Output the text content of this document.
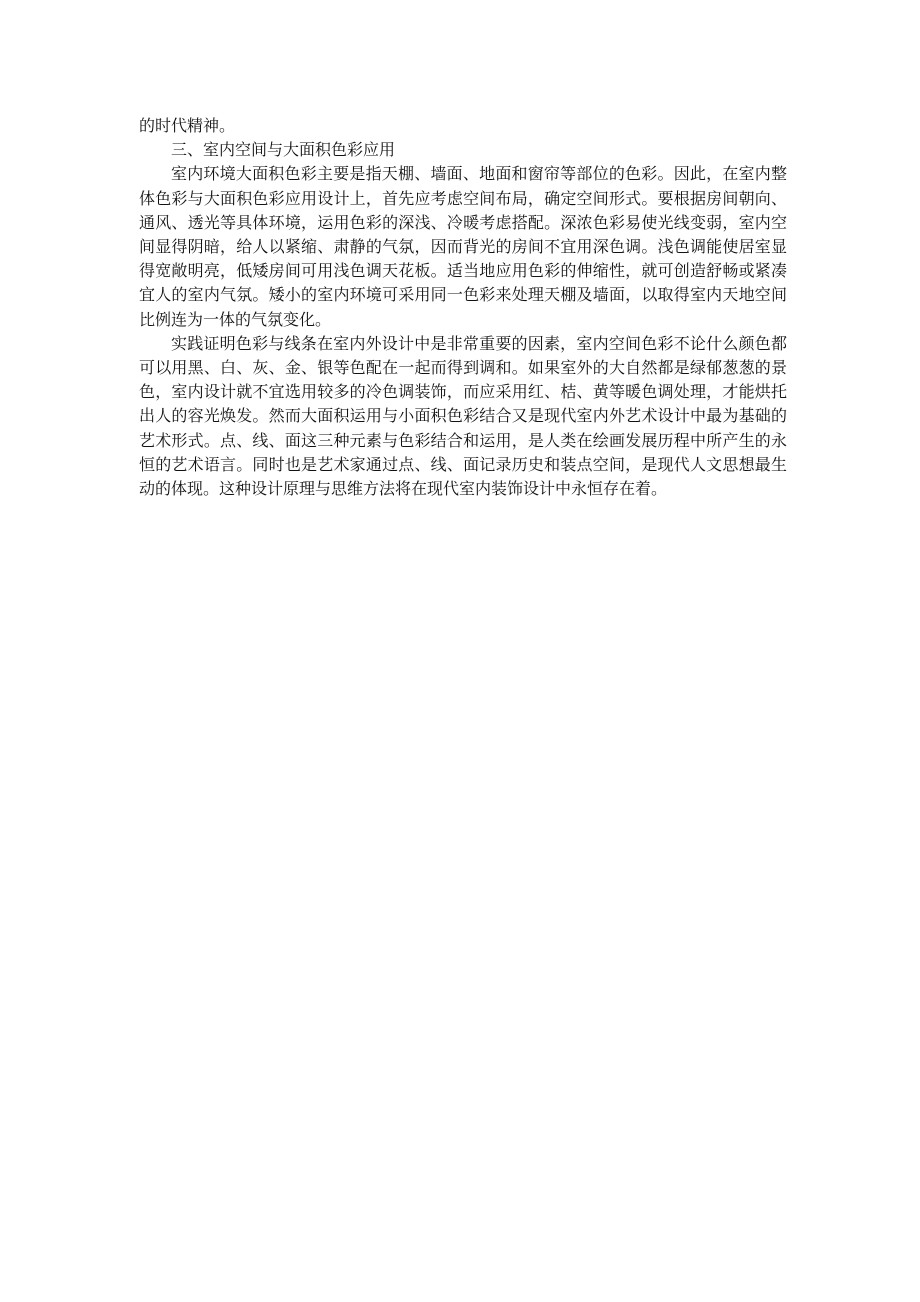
的时代精神。

三、室内空间与大面积色彩应用

室内环境大面积色彩主要是指天棚、墙面、地面和窗帘等部位的色彩。因此，在室内整体色彩与大面积色彩应用设计上，首先应考虑空间布局，确定空间形式。要根据房间朝向、通风、透光等具体环境，运用色彩的深浅、冷暖考虑搭配。深浓色彩易使光线变弱，室内空间显得阴暗，给人以紧缩、肃静的气氛，因而背光的房间不宜用深色调。浅色调能使居室显得宽敞明亮，低矮房间可用浅色调天花板。适当地应用色彩的伸缩性，就可创造舒畅或紧凑宜人的室内气氛。矮小的室内环境可采用同一色彩来处理天棚及墙面，以取得室内天地空间比例连为一体的气氛变化。

实践证明色彩与线条在室内外设计中是非常重要的因素，室内空间色彩不论什么颜色都可以用黑、白、灰、金、银等色配在一起而得到调和。如果室外的大自然都是绿郁葱葱的景色，室内设计就不宜选用较多的冷色调装饰，而应采用红、桔、黄等暖色调处理，才能烘托出人的容光焕发。然而大面积运用与小面积色彩结合又是现代室内外艺术设计中最为基础的艺术形式。点、线、面这三种元素与色彩结合和运用，是人类在绘画发展历程中所产生的永恒的艺术语言。同时也是艺术家通过点、线、面记录历史和装点空间，是现代人文思想最生动的体现。这种设计原理与思维方法将在现代室内装饰设计中永恒存在着。
